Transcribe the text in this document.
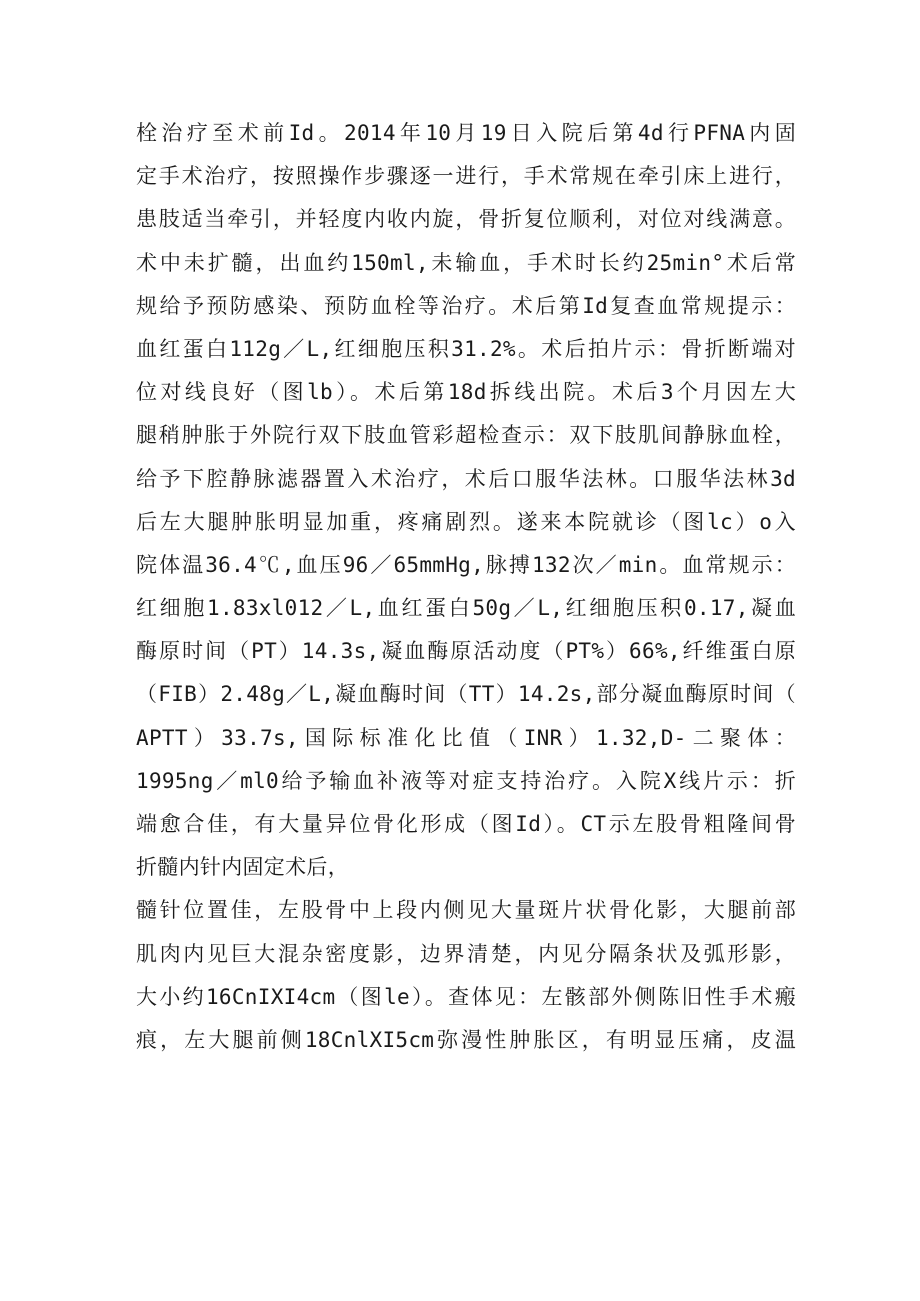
栓治疗至术前Id。2014年10月19日入院后第4d行PFNA内固
定手术治疗，按照操作步骤逐一进行，手术常规在牵引床上进行，
患肢适当牵引，并轻度内收内旋，骨折复位顺利，对位对线满意。
术中未扩髓，出血约150ml,未输血，手术时长约25min°术后常
规给予预防感染、预防血栓等治疗。术后第Id复查血常规提示：
血红蛋白112g／L,红细胞压积31.2%。术后拍片示：骨折断端对
位对线良好（图lb）。术后第18d拆线出院。术后3个月因左大
腿稍肿胀于外院行双下肢血管彩超检查示：双下肢肌间静脉血栓，
给予下腔静脉滤器置入术治疗，术后口服华法林。口服华法林3d
后左大腿肿胀明显加重，疼痛剧烈。遂来本院就诊（图lc）o入
院体温36.4℃,血压96／65mmHg,脉搏132次／min。血常规示：
红细胞1.83xl012／L,血红蛋白50g／L,红细胞压积0.17,凝血
酶原时间（PT）14.3s,凝血酶原活动度（PT%）66%,纤维蛋白原
（FIB）2.48g／L,凝血酶时间（TT）14.2s,部分凝血酶原时间（
APTT）33.7s,国际标准化比值（INR）1.32,D-二聚体：
1995ng／ml0给予输血补液等对症支持治疗。入院X线片示：折
端愈合佳，有大量异位骨化形成（图Id）。CT示左股骨粗隆间骨
折髓内针内固定术后，
髓针位置佳，左股骨中上段内侧见大量斑片状骨化影，大腿前部
肌肉内见巨大混杂密度影，边界清楚，内见分隔条状及弧形影，
大小约16CnIXI4cm（图le）。查体见：左骸部外侧陈旧性手术瘢
痕，左大腿前侧18CnlXI5cm弥漫性肿胀区，有明显压痛，皮温
